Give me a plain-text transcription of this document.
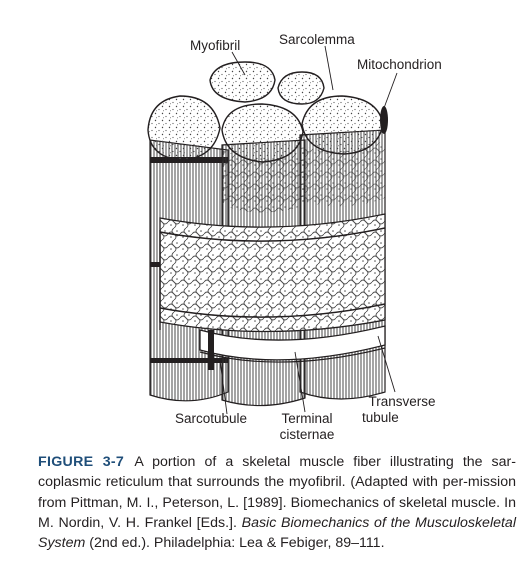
Myofibril	Sarcolemma
Mitochondrion
Transverse
tubule
Sarcotubule	Terminal
cisternae
FIGURE 3-7 A portion of a skeletal muscle fiber illustrating the sar-coplasmic reticulum that surrounds the myofibril. (Adapted with per-mission from Pittman, M. I., Peterson, L. [1989]. Biomechanics of skeletal muscle. In M. Nordin, V. H. Frankel [Eds.]. Basic Biomechanics of the Musculoskeletal System (2nd ed.). Philadelphia: Lea & Febiger, 89–111.
